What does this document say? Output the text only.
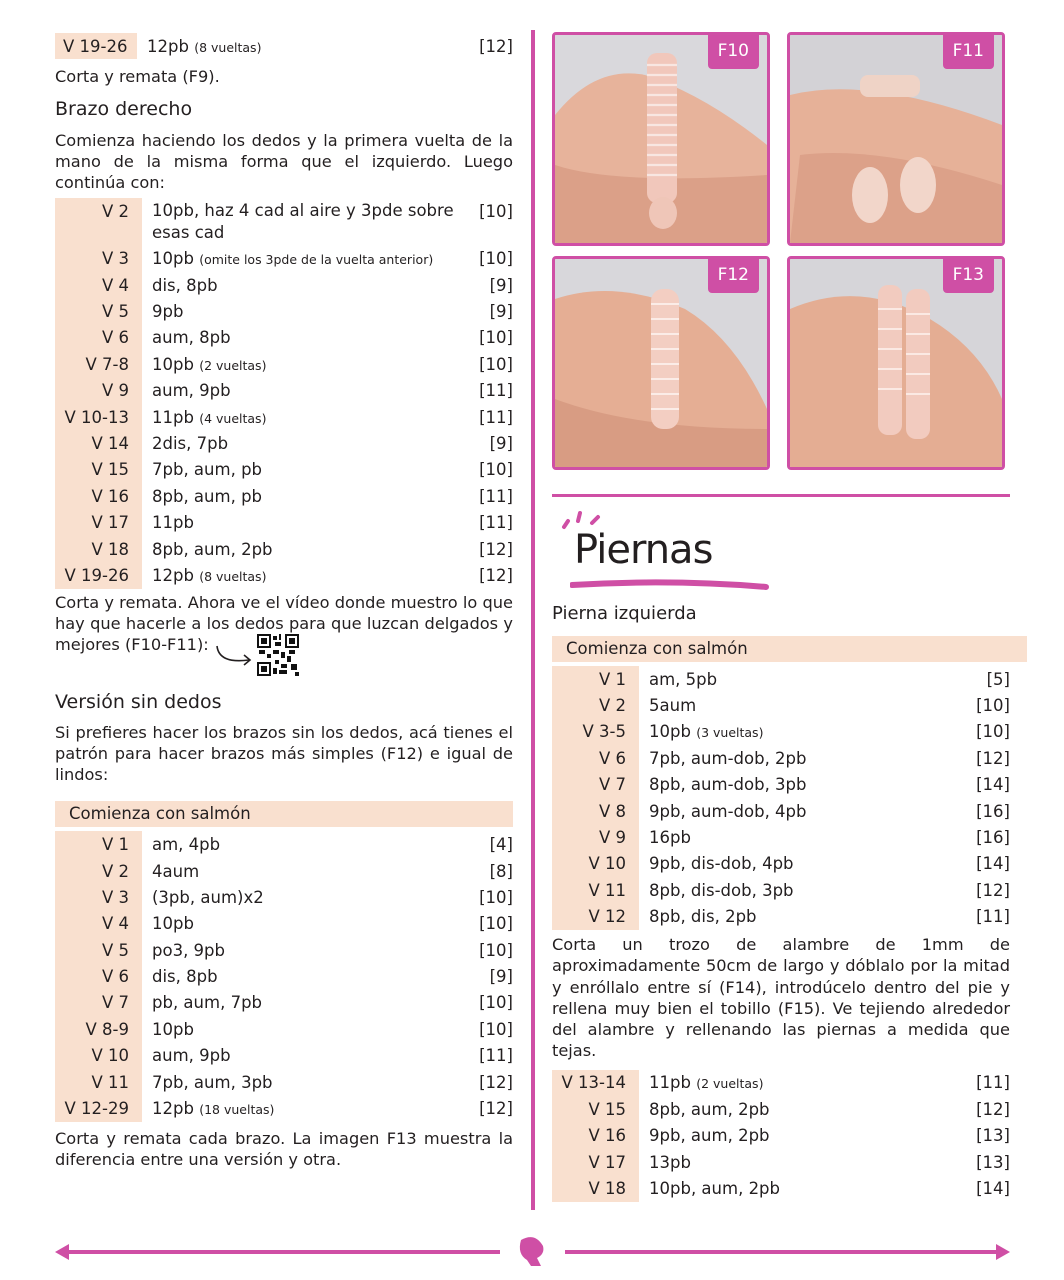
V 19-26	12pb (8 vueltas)	[12]

Corta y remata (F9).

Brazo derecho

Comienza haciendo los dedos y la primera vuelta de la mano de la misma forma que el izquierdo. Luego continúa con:

V 2	10pb, haz 4 cad al aire y 3pde sobre esas cad	[10]
V 3	10pb (omite los 3pde de la vuelta anterior)	[10]
V 4	dis, 8pb	[9]
V 5	9pb	[9]
V 6	aum, 8pb	[10]
V 7-8	10pb (2 vueltas)	[10]
V 9	aum, 9pb	[11]
V 10-13	11pb (4 vueltas)	[11]
V 14	2dis, 7pb	[9]
V 15	7pb, aum, pb	[10]
V 16	8pb, aum, pb	[11]
V 17	11pb	[11]
V 18	8pb, aum, 2pb	[12]
V 19-26	12pb (8 vueltas)	[12]

Corta y remata. Ahora ve el vídeo donde muestro lo que hay que hacerle a los dedos para que luzcan delgados y mejores (F10-F11):

Versión sin dedos

Si prefieres hacer los brazos sin los dedos, acá tienes el patrón para hacer brazos más simples (F12) e igual de lindos:

Comienza con salmón
V 1	am, 4pb	[4]
V 2	4aum	[8]
V 3	(3pb, aum)x2	[10]
V 4	10pb	[10]
V 5	po3, 9pb	[10]
V 6	dis, 8pb	[9]
V 7	pb, aum, 7pb	[10]
V 8-9	10pb	[10]
V 10	aum, 9pb	[11]
V 11	7pb, aum, 3pb	[12]
V 12-29	12pb (18 vueltas)	[12]

Corta y remata cada brazo. La imagen F13 muestra la diferencia entre una versión y otra.

F10	F11
F12	F13
Piernas
Pierna izquierda
Comienza con salmón
V 1	am, 5pb	[5]
V 2	5aum	[10]
V 3-5	10pb (3 vueltas)	[10]
V 6	7pb, aum-dob, 2pb	[12]
V 7	8pb, aum-dob, 3pb	[14]
V 8	9pb, aum-dob, 4pb	[16]
V 9	16pb	[16]
V 10	9pb, dis-dob, 4pb	[14]
V 11	8pb, dis-dob, 3pb	[12]
V 12	8pb, dis, 2pb	[11]

Corta un trozo de alambre de 1mm de aproximadamente 50cm de largo y dóblalo por la mitad y enróllalo entre sí (F14), introdúcelo dentro del pie y rellena muy bien el tobillo (F15). Ve tejiendo alrededor del alambre y rellenando las piernas a medida que tejas.

V 13-14	11pb (2 vueltas)	[11]
V 15	8pb, aum, 2pb	[12]
V 16	9pb, aum, 2pb	[13]
V 17	13pb	[13]
V 18	10pb, aum, 2pb	[14]
